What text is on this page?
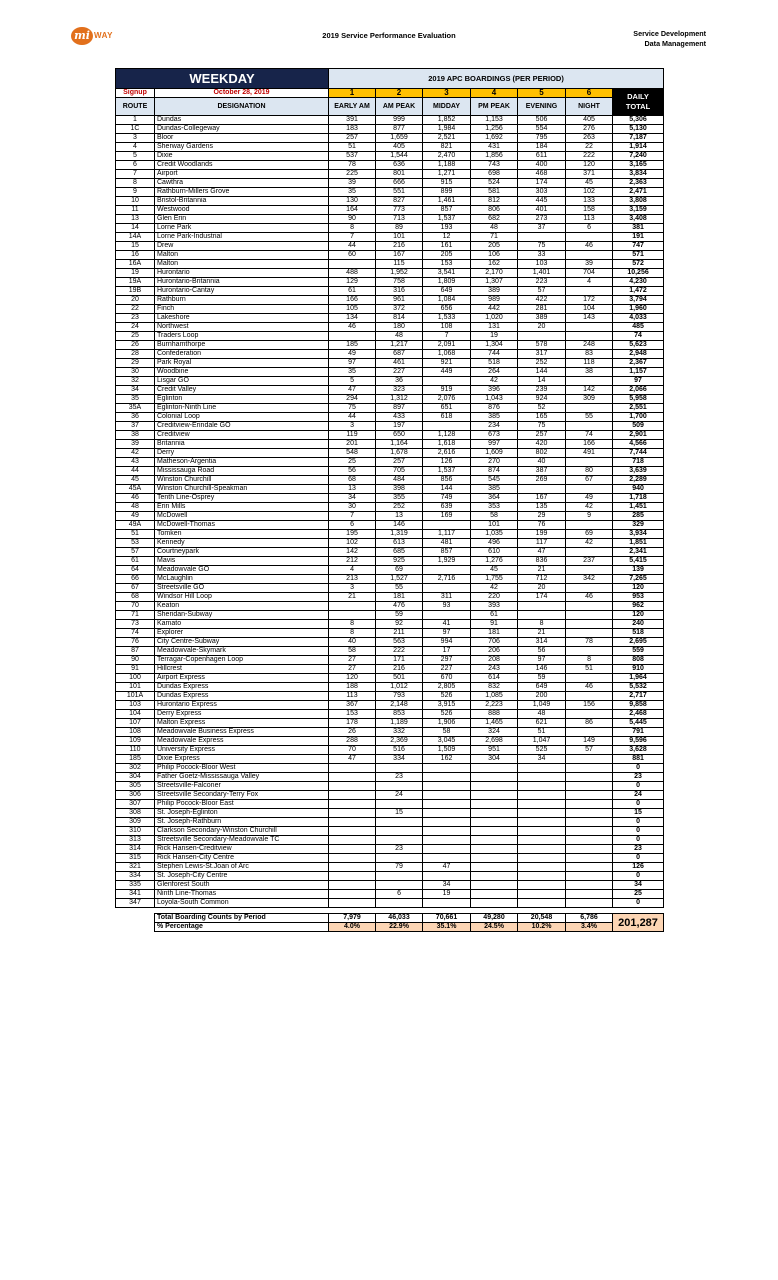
mi WAY	2019 Service Performance Evaluation	Service Development
Data Management
WEEKDAY		2019 APC BOARDINGS (PER PERIOD)						
Signup	October 28, 2019	1	2	3	4	5	6	DAILY TOTAL
ROUTE	DESIGNATION	EARLY AM	AM PEAK	MIDDAY	PM PEAK	EVENING	NIGHT	
1	Dundas	391	999	1,852	1,153	506	405	5,306
1C	Dundas-Collegeway	183	877	1,984	1,256	554	276	5,130
3	Bloor	257	1,659	2,521	1,692	795	263	7,187
4	Sherway Gardens	51	405	821	431	184	22	1,914
5	Dixie	537	1,544	2,470	1,856	611	222	7,240
6	Credit Woodlands	78	636	1,188	743	400	120	3,165
7	Airport	225	801	1,271	698	468	371	3,834
8	Cawthra	39	666	915	524	174	45	2,363
9	Rathburn-Millers Grove	35	551	899	581	303	102	2,471
10	Bristol-Britannia	130	827	1,461	812	445	133	3,808
11	Westwood	164	773	857	806	401	158	3,159
13	Glen Erin	90	713	1,537	682	273	113	3,408
14	Lorne Park	8	89	193	48	37	6	381
14A	Lorne Park-Industrial	7	101	12	71			191
15	Drew	44	216	161	205	75	46	747
16	Malton	60	167	205	106	33		571
16A	Malton		115	153	162	103	39	572
19	Hurontario	488	1,952	3,541	2,170	1,401	704	10,256
19A	Hurontario-Britannia	129	758	1,809	1,307	223	4	4,230
19B	Hurontario-Cantay	61	316	649	389	57		1,472
20	Rathburn	166	961	1,084	989	422	172	3,794
22	Finch	105	372	656	442	281	104	1,960
23	Lakeshore	134	814	1,533	1,020	389	143	4,033
24	Northwest	46	180	108	131	20		485
25	Traders Loop		48	7	19			74
26	Burnhamthorpe	185	1,217	2,091	1,304	578	248	5,623
28	Confederation	49	687	1,068	744	317	83	2,948
29	Park Royal	97	461	921	518	252	118	2,367
30	Woodbine	35	227	449	264	144	38	1,157
32	Lisgar GO	5	36		42	14		97
34	Credit Valley	47	323	919	396	239	142	2,066
35	Eglinton	294	1,312	2,076	1,043	924	309	5,958
35A	Eglinton-Ninth Line	75	897	651	876	52		2,551
36	Colonial Loop	44	433	618	385	165	55	1,700
37	Creditview-Erindale GO	3	197		234	75		509
38	Creditview	119	650	1,128	673	257	74	2,901
39	Britannia	201	1,164	1,618	997	420	166	4,566
42	Derry	548	1,678	2,616	1,609	802	491	7,744
43	Matheson-Argentia	25	257	126	270	40		718
44	Mississauga Road	56	705	1,537	874	387	80	3,639
45	Winston Churchill	68	484	856	545	269	67	2,289
45A	Winston Churchill-Speakman	13	398	144	385			940
46	Tenth Line-Osprey	34	355	749	364	167	49	1,718
48	Erin Mills	30	252	639	353	135	42	1,451
49	McDowell	7	13	169	58	29	9	285
49A	McDowell-Thomas	6	146		101	76		329
51	Tomken	195	1,319	1,117	1,035	199	69	3,934
53	Kennedy	102	613	481	496	117	42	1,851
57	Courtneypark	142	685	857	610	47		2,341
61	Mavis	212	925	1,929	1,276	836	237	5,415
64	Meadowvale GO	4	69		45	21		139
66	McLaughlin	213	1,527	2,716	1,755	712	342	7,265
67	Streetsville GO	3	55		42	20		120
68	Windsor Hill Loop	21	181	311	220	174	46	953
70	Keaton		476	93	393			962
71	Sheridan-Subway		59		61			120
73	Kamato	8	92	41	91	8		240
74	Explorer	8	211	97	181	21		518
76	City Centre-Subway	40	563	994	706	314	78	2,695
87	Meadowvale-Skymark	58	222	17	206	56		559
90	Terragar-Copenhagen Loop	27	171	297	208	97	8	808
91	Hillcrest	27	216	227	243	146	51	910
100	Airport Express	120	501	670	614	59		1,964
101	Dundas Express	188	1,012	2,805	832	649	46	5,532
101A	Dundas Express	113	793	526	1,085	200		2,717
103	Hurontario Express	367	2,148	3,915	2,223	1,049	156	9,858
104	Derry Express	153	853	526	888	48		2,468
107	Malton Express	178	1,189	1,906	1,465	621	86	5,445
108	Meadowvale Business Express	26	332	58	324	51		791
109	Meadowvale Express	288	2,369	3,045	2,698	1,047	149	9,596
110	University Express	70	516	1,509	951	525	57	3,628
185	Dixie Express	47	334	162	304	34		881
302	Philip Pocock-Bloor West							0
304	Father Goetz-Mississauga Valley		23					23
305	Streetsville-Falconer							0
306	Streetsville Secondary-Terry Fox		24					24
307	Philip Pocock-Bloor East							0
308	St. Joseph-Eglinton		15					15
309	St. Joseph-Rathburn							0
310	Clarkson Secondary-Winston Churchill							0
313	Streetsville Secondary-Meadowvale TC							0
314	Rick Hansen-Creditview		23					23
315	Rick Hansen-City Centre							0
321	Stephen Lewis-St.Joan of Arc		79	47				126
334	St. Joseph-City Centre							0
335	Glenforest South			34				34
341	Ninth Line-Thomas		6	19				25
347	Loyola-South Common							0

	Total Boarding Counts by Period	7,979	46,033	70,661	49,280	20,548	6,786	201,287
	% Percentage	4.0%	22.9%	35.1%	24.5%	10.2%	3.4%	
